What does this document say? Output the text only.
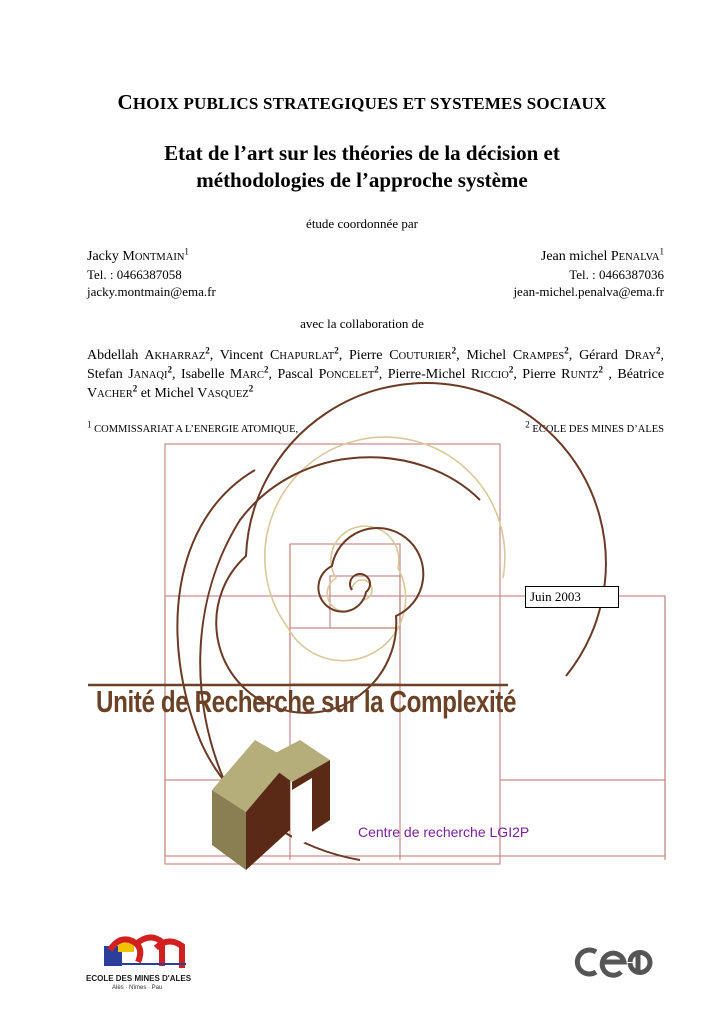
CHOIX PUBLICS STRATEGIQUES ET SYSTEMES SOCIAUX
Etat de l’art sur les théories de la décision et
méthodologies de l’approche système
étude coordonnée par
Jacky MONTMAIN$^1$
Tel. : 0466387058
jacky.montmain@ema.fr
Jean michel PENALVA$^1$
Tel. : 0466387036
jean-michel.penalva@ema.fr
avec la collaboration de
Abdellah AKHARRAZ$^2$, Vincent CHAPURLAT$^2$, Pierre COUTURIER$^2$, Michel CRAMPES$^2$, Gérard DRAY$^2$, Stefan JANAQI$^2$, Isabelle MARC$^2$, Pascal PONCELET$^2$, Pierre-Michel RICCIO$^2$, Pierre RUNTZ$^2$ , Béatrice VACHER$^2$ et Michel VASQUEZ$^2$
$^1$ COMMISSARIAT A L’ENERGIE ATOMIQUE,	$^2$ ECOLE DES MINES D’ALES
Juin 2003
Unité de Recherche sur la Complexité
Centre de recherche LGI2P
ECOLE DES MINES D'ALES
Alès · Nîmes · Pau
